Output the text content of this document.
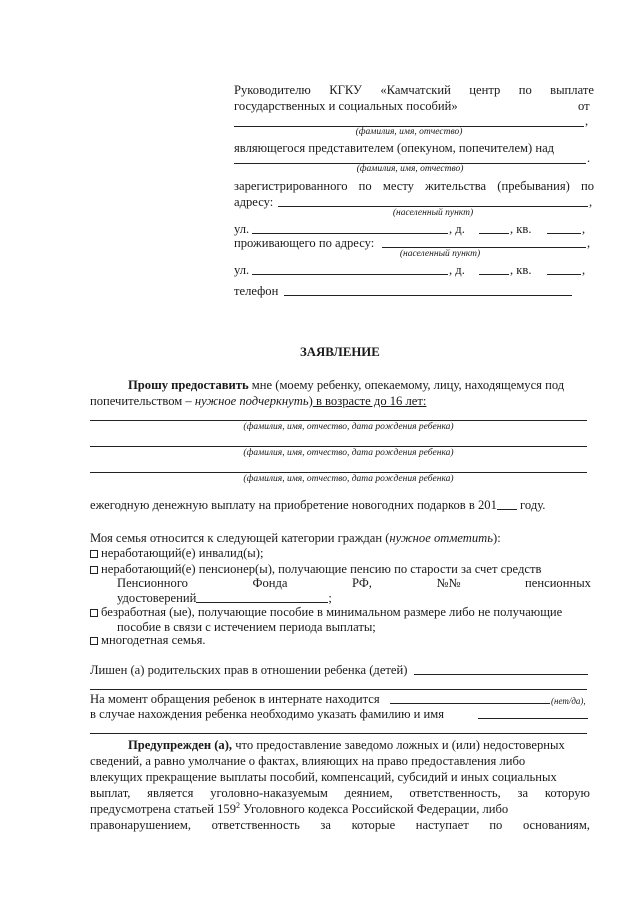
Руководителю КГКУ «Камчатский центр по выплате
государственных и социальных пособий»	от
,
(фамилия, имя, отчество)
являющегося представителем (опекуном, попечителем) над
.
(фамилия, имя, отчество)
зарегистрированного по месту жительства (пребывания) по
адресу:	,
(населенный пункт)
ул.	, д.	, кв.	,
проживающего по адресу:	,
(населенный пункт)
ул.	, д.	, кв.	,
телефон
ЗАЯВЛЕНИЕ
Прошу предоставить мне (моему ребенку, опекаемому, лицу, находящемуся под
попечительством – нужное подчеркнуть) в возрасте до 16 лет:
(фамилия, имя, отчество, дата рождения ребенка)
(фамилия, имя, отчество, дата рождения ребенка)
(фамилия, имя, отчество, дата рождения ребенка)
ежегодную денежную выплату на приобретение новогодних подарков в 201 году.
Моя семья относится к следующей категории граждан (нужное отметить):
неработающий(е) инвалид(ы);
неработающий(е) пенсионер(ы), получающие пенсию по старости за счет средств
Пенсионного	Фонда	РФ,	№№	пенсионных
удостоверений	;
безработная (ые), получающие пособие в минимальном размере либо не получающие
пособие в связи с истечением периода выплаты;
многодетная семья.
Лишен (а) родительских прав в отношении ребенка (детей)
На момент обращения ребенок в интернате находится	(нет/да),
в случае нахождения ребенка необходимо указать фамилию и имя
Предупрежден (а), что предоставление заведомо ложных и (или) недостоверных
сведений, а равно умолчание о фактах, влияющих на право предоставления либо
влекущих прекращение выплаты пособий, компенсаций, субсидий и иных социальных
выплат, является уголовно-наказуемым деянием, ответственность, за которую
предусмотрена статьей $159^2$ Уголовного кодекса Российской Федерации, либо
правонарушением, ответственность за которые наступает по основаниям,
